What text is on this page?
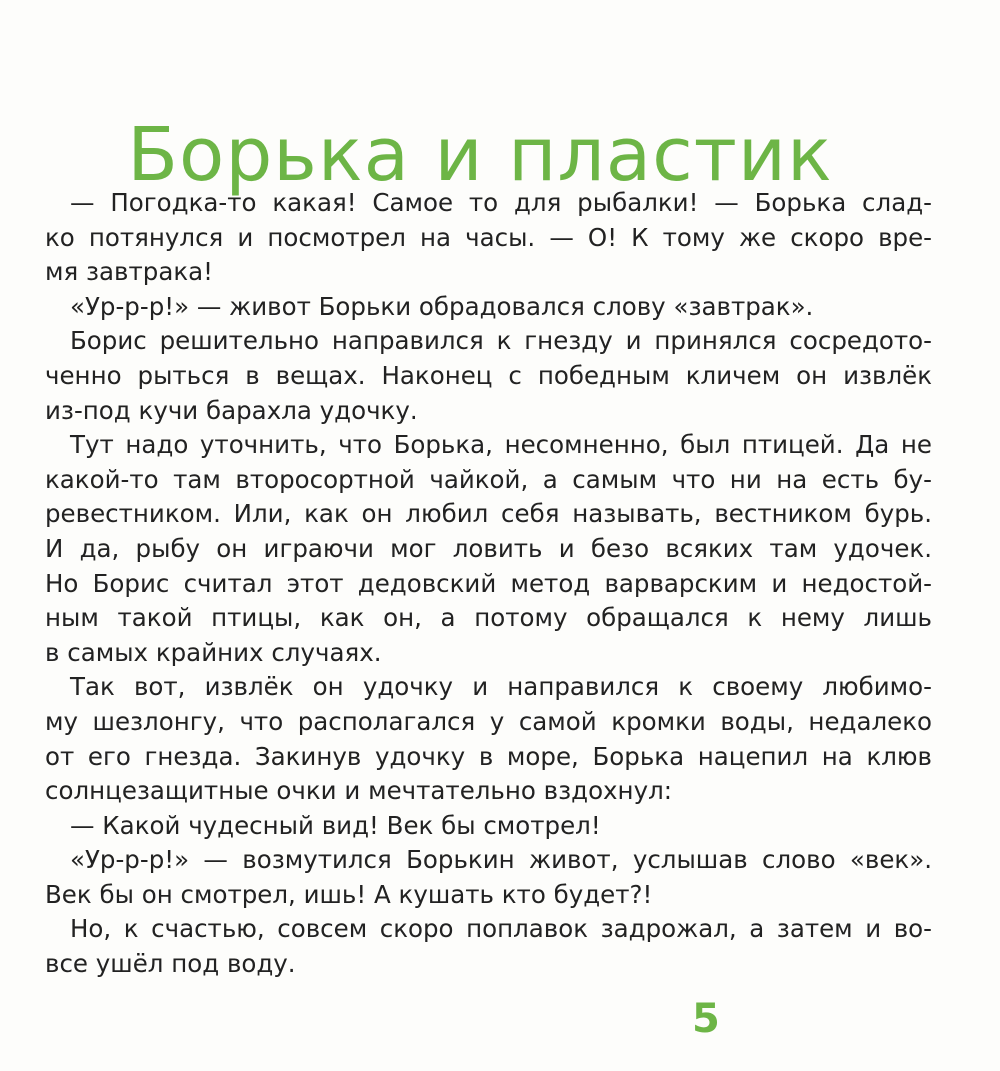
Борька и пластик
— Погодка-то какая! Самое то для рыбалки! — Борька слад-
ко потянулся и посмотрел на часы. — О! К тому же скоро вре-
мя завтрака!
«Ур-р-р!» — живот Борьки обрадовался слову «завтрак».
Борис решительно направился к гнезду и принялся сосредото-
ченно рыться в вещах. Наконец с победным кличем он извлёк
из-под кучи барахла удочку.
Тут надо уточнить, что Борька, несомненно, был птицей. Да не
какой-то там второсортной чайкой, а самым что ни на есть бу-
ревестником. Или, как он любил себя называть, вестником бурь.
И да, рыбу он играючи мог ловить и безо всяких там удочек.
Но Борис считал этот дедовский метод варварским и недостой-
ным такой птицы, как он, а потому обращался к нему лишь
в самых крайних случаях.
Так вот, извлёк он удочку и направился к своему любимо-
му шезлонгу, что располагался у самой кромки воды, недалеко
от его гнезда. Закинув удочку в море, Борька нацепил на клюв
солнцезащитные очки и мечтательно вздохнул:
— Какой чудесный вид! Век бы смотрел!
«Ур-р-р!» — возмутился Борькин живот, услышав слово «век».
Век бы он смотрел, ишь! А кушать кто будет?!
Но, к счастью, совсем скоро поплавок задрожал, а затем и во-
все ушёл под воду.
5
